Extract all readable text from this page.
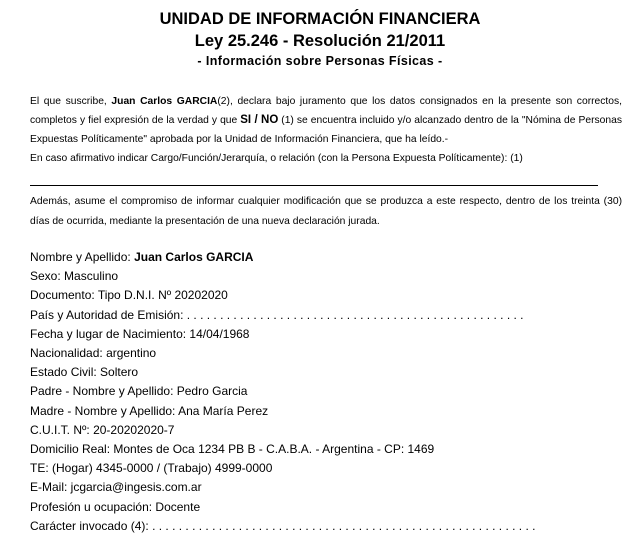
UNIDAD DE INFORMACIÓN FINANCIERA
Ley 25.246 - Resolución 21/2011
- Información sobre Personas Físicas -

El que suscribe, Juan Carlos GARCIA(2), declara bajo juramento que los datos consignados en la presente son correctos, completos y fiel expresión de la verdad y que SI / NO (1) se encuentra incluido y/o alcanzado dentro de la "Nómina de Personas Expuestas Políticamente" aprobada por la Unidad de Información Financiera, que ha leído.-

En caso afirmativo indicar Cargo/Función/Jerarquía, o relación (con la Persona Expuesta Políticamente): (1)

Además, asume el compromiso de informar cualquier modificación que se produzca a este respecto, dentro de los treinta (30) días de ocurrida, mediante la presentación de una nueva declaración jurada.

Nombre y Apellido: Juan Carlos GARCIA
Sexo: Masculino
Documento: Tipo D.N.I. Nº 20202020
País y Autoridad de Emisión: . . . . . . . . . . . . . . . . . . . . . . . . . . . . . . . . . . . . . . . . . . . . . . . . . . .
Fecha y lugar de Nacimiento: 14/04/1968
Nacionalidad: argentino
Estado Civil: Soltero
Padre - Nombre y Apellido: Pedro Garcia
Madre - Nombre y Apellido: Ana María Perez
C.U.I.T. Nº: 20-20202020-7
Domicilio Real: Montes de Oca 1234 PB B - C.A.B.A. - Argentina - CP: 1469
TE: (Hogar) 4345-0000 / (Trabajo) 4999-0000
E-Mail: jcgarcia@ingesis.com.ar
Profesión u ocupación: Docente
Carácter invocado (4): . . . . . . . . . . . . . . . . . . . . . . . . . . . . . . . . . . . . . . . . . . . . . . . . . . . . . . . . . .
